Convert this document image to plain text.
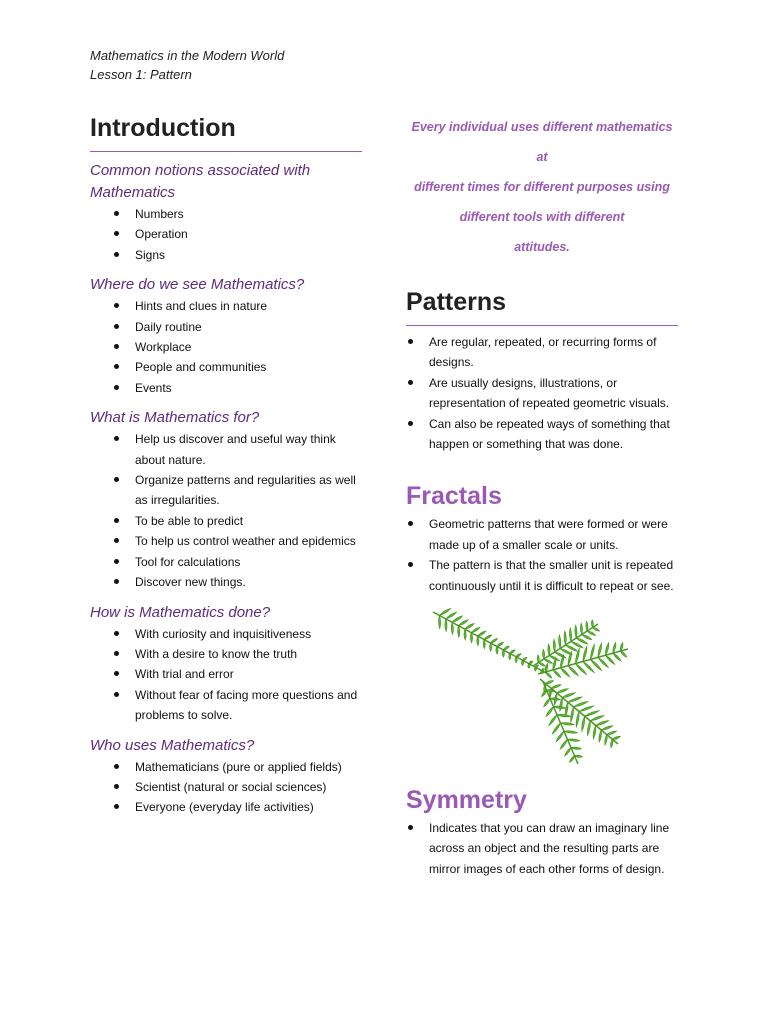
Mathematics in the Modern World
Lesson 1: Pattern
Introduction

Common notions associated with Mathematics

Numbers
Operation
Signs

Where do we see Mathematics?

Hints and clues in nature
Daily routine
Workplace
People and communities
Events

What is Mathematics for?

Help us discover and useful way think about nature.
Organize patterns and regularities as well as irregularities.
To be able to predict
To help us control weather and epidemics
Tool for calculations
Discover new things.

How is Mathematics done?

With curiosity and inquisitiveness
With a desire to know the truth
With trial and error
Without fear of facing more questions and problems to solve.

Who uses Mathematics?

Mathematicians (pure or applied fields)
Scientist (natural or social sciences)
Everyone (everyday life activities)

Every individual uses different mathematics at

different times for different purposes using

different tools with different

attitudes.

Patterns
Are regular, repeated, or recurring forms of designs.
Are usually designs, illustrations, or representation of repeated geometric visuals.
Can also be repeated ways of something that happen or something that was done.
Fractals
Geometric patterns that were formed or were made up of a smaller scale or units.
The pattern is that the smaller unit is repeated continuously until it is difficult to repeat or see.
Symmetry
Indicates that you can draw an imaginary line across an object and the resulting parts are mirror images of each other forms of design.
